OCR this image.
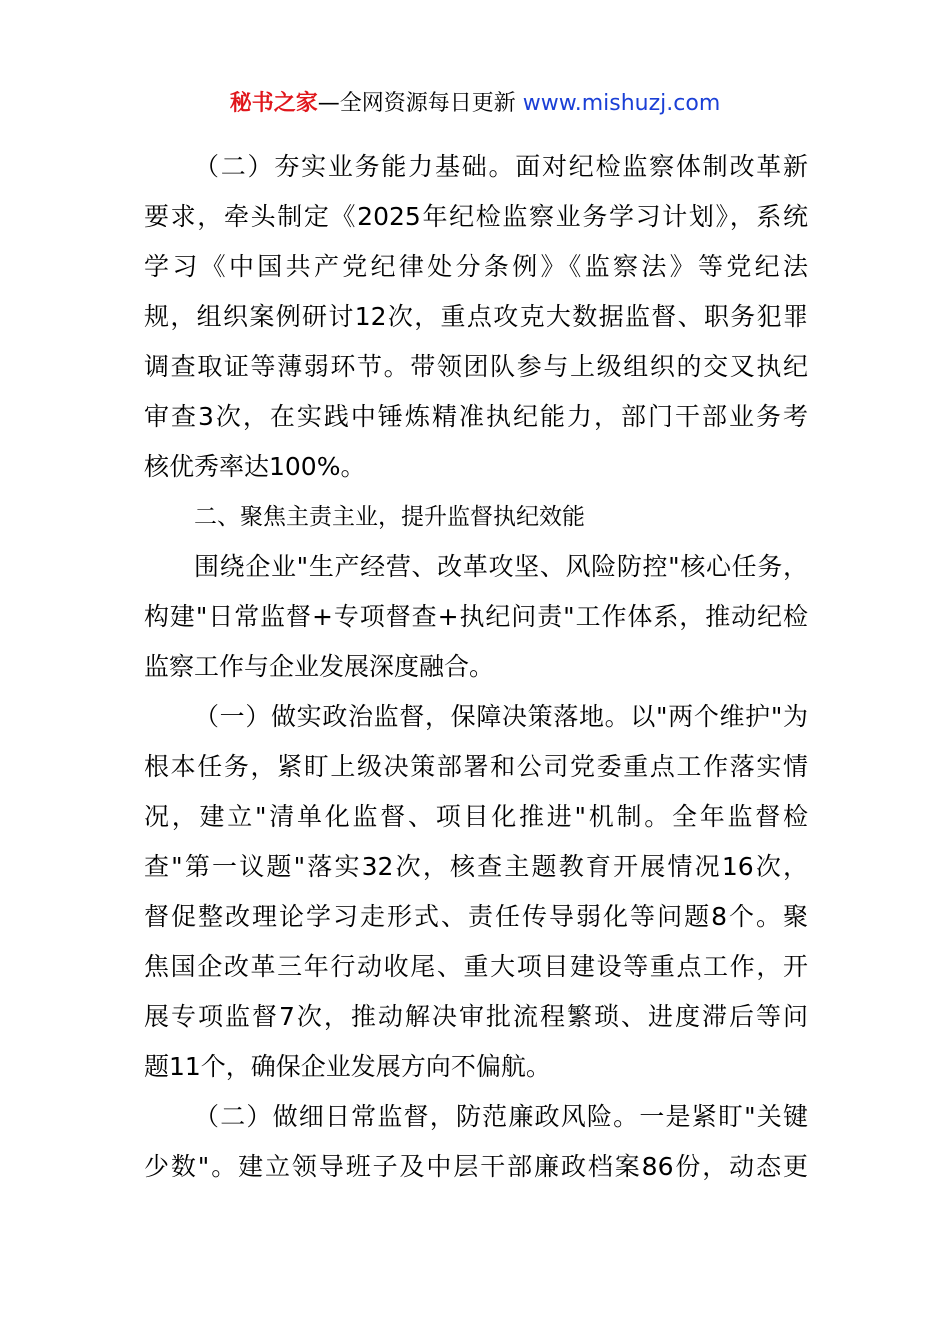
秘书之家—全网资源每日更新 www.mishuzj.com
（二）夯实业务能力基础。面对纪检监察体制改革新
要求，牵头制定《2025年纪检监察业务学习计划》，系统
学习《中国共产党纪律处分条例》《监察法》等党纪法
规，组织案例研讨12次，重点攻克大数据监督、职务犯罪
调查取证等薄弱环节。带领团队参与上级组织的交叉执纪
审查3次，在实践中锤炼精准执纪能力，部门干部业务考
核优秀率达100%。
二、聚焦主责主业，提升监督执纪效能
围绕企业"生产经营、改革攻坚、风险防控"核心任务，
构建"日常监督+专项督查+执纪问责"工作体系，推动纪检
监察工作与企业发展深度融合。
（一）做实政治监督，保障决策落地。以"两个维护"为
根本任务，紧盯上级决策部署和公司党委重点工作落实情
况，建立"清单化监督、项目化推进"机制。全年监督检
查"第一议题"落实32次，核查主题教育开展情况16次，
督促整改理论学习走形式、责任传导弱化等问题8个。聚
焦国企改革三年行动收尾、重大项目建设等重点工作，开
展专项监督7次，推动解决审批流程繁琐、进度滞后等问
题11个，确保企业发展方向不偏航。
（二）做细日常监督，防范廉政风险。一是紧盯"关键
少数"。建立领导班子及中层干部廉政档案86份，动态更
